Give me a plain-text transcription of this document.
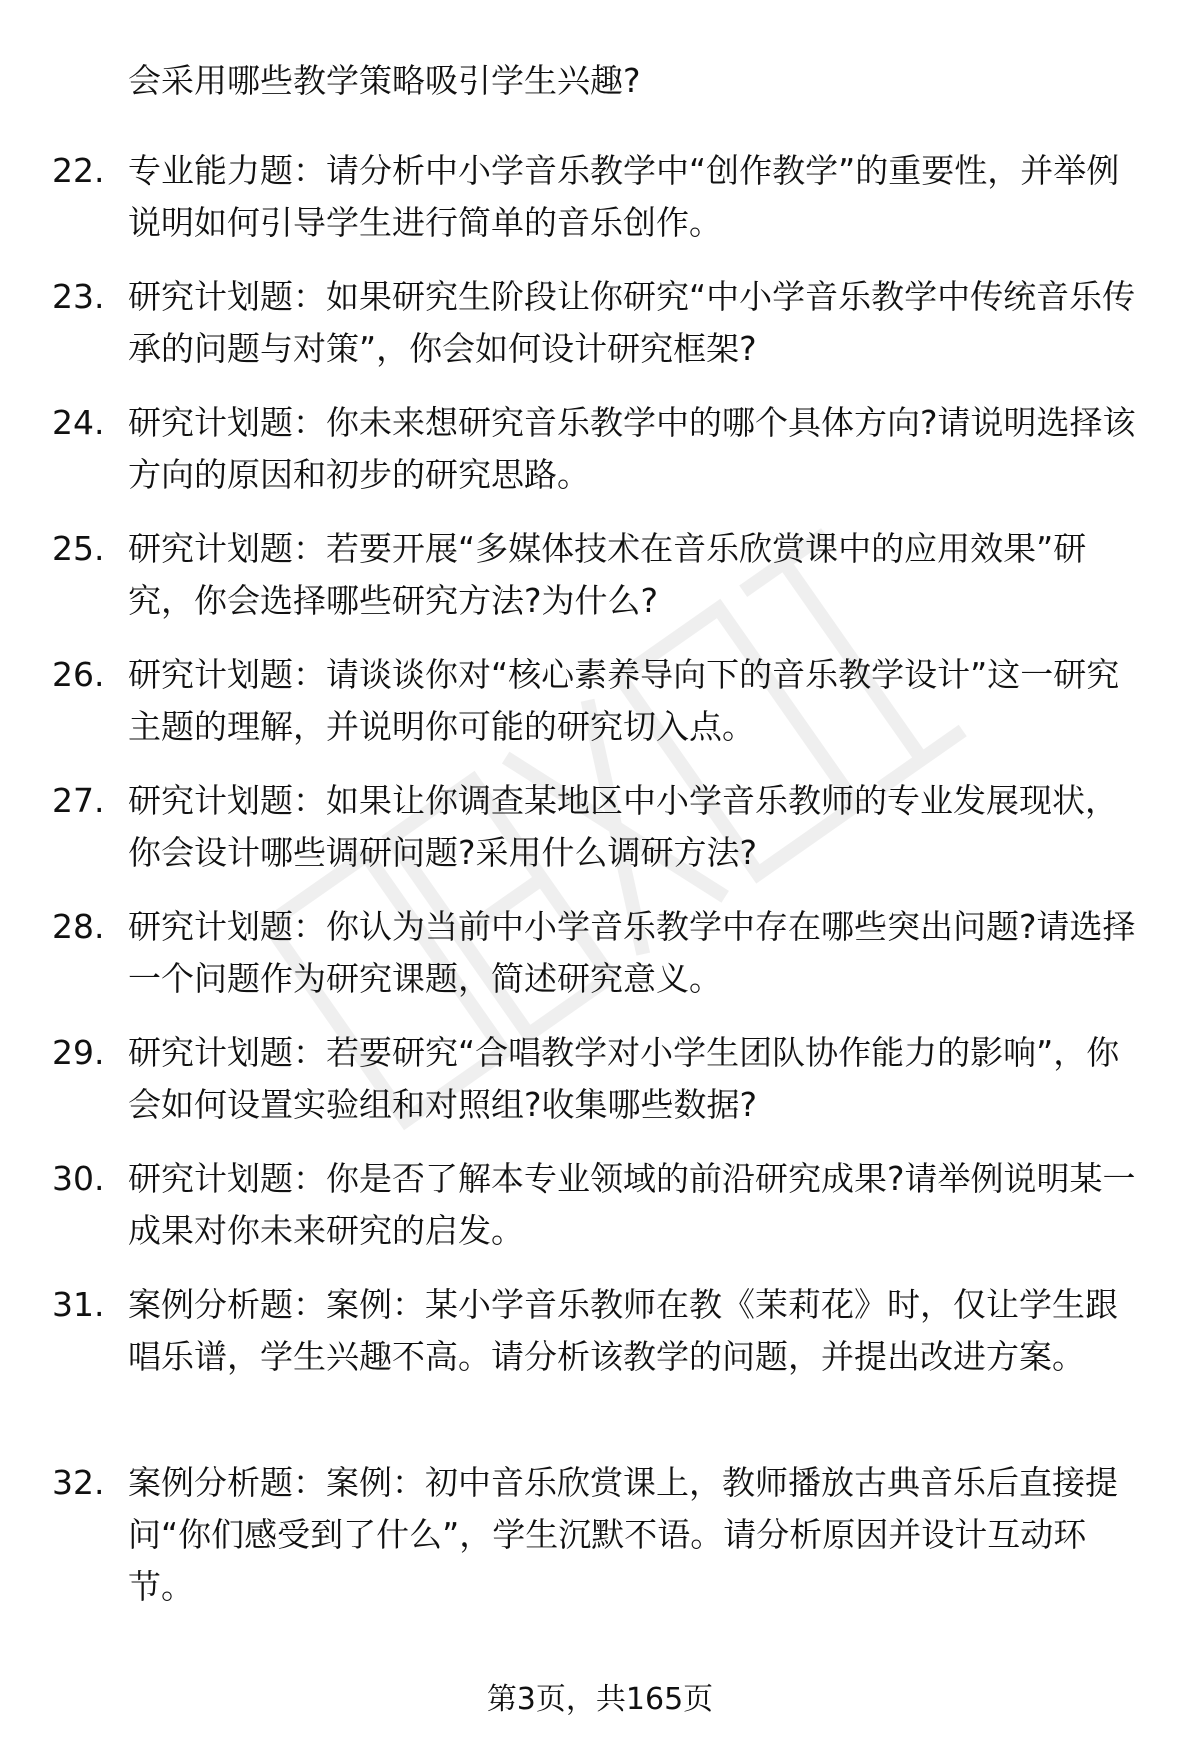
会采用哪些教学策略吸引学生兴趣?
22. 专业能力题：请分析中小学音乐教学中“创作教学”的重要性，并举例说明如何引导学生进行简单的音乐创作。
23. 研究计划题：如果研究生阶段让你研究“中小学音乐教学中传统音乐传承的问题与对策”，你会如何设计研究框架?
24. 研究计划题：你未来想研究音乐教学中的哪个具体方向?请说明选择该方向的原因和初步的研究思路。
25. 研究计划题：若要开展“多媒体技术在音乐欣赏课中的应用效果”研究，你会选择哪些研究方法?为什么?
26. 研究计划题：请谈谈你对“核心素养导向下的音乐教学设计”这一研究主题的理解，并说明你可能的研究切入点。
27. 研究计划题：如果让你调查某地区中小学音乐教师的专业发展现状，你会设计哪些调研问题?采用什么调研方法?
28. 研究计划题：你认为当前中小学音乐教学中存在哪些突出问题?请选择一个问题作为研究课题，简述研究意义。
29. 研究计划题：若要研究“合唱教学对小学生团队协作能力的影响”，你会如何设置实验组和对照组?收集哪些数据?
30. 研究计划题：你是否了解本专业领域的前沿研究成果?请举例说明某一成果对你未来研究的启发。
31. 案例分析题：案例：某小学音乐教师在教《茉莉花》时，仅让学生跟唱乐谱，学生兴趣不高。请分析该教学的问题，并提出改进方案。
32. 案例分析题：案例：初中音乐欣赏课上，教师播放古典音乐后直接提问“你们感受到了什么”，学生沉默不语。请分析原因并设计互动环节。
第3页，共165页
